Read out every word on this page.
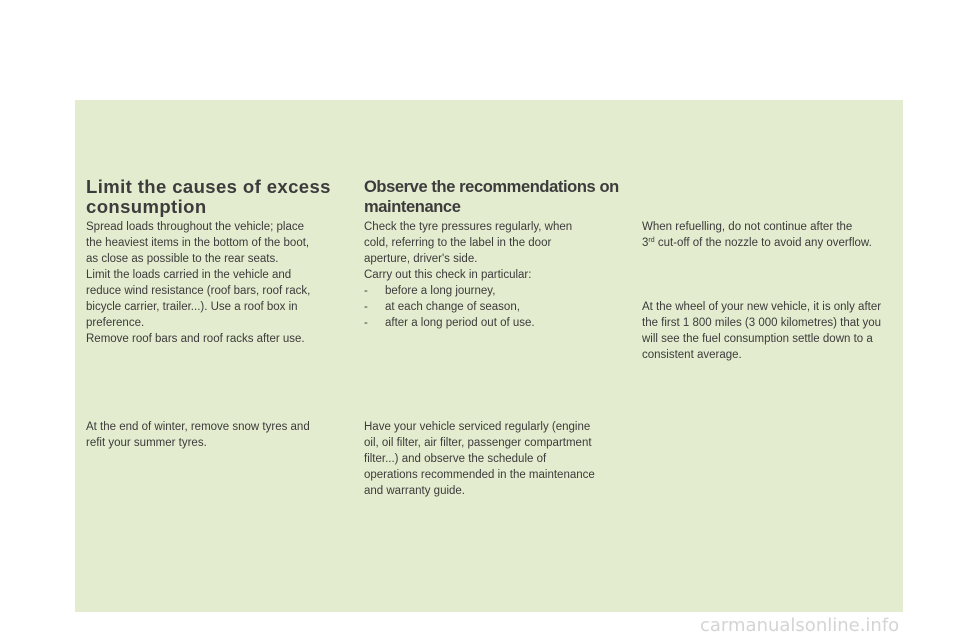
Limit the causes of excess consumption

Spread loads throughout the vehicle; place

the heaviest items in the bottom of the boot,

as close as possible to the rear seats.

Limit the loads carried in the vehicle and

reduce wind resistance (roof bars, roof rack,

bicycle carrier, trailer...). Use a roof box in

preference.

Remove roof bars and roof racks after use.

At the end of winter, remove snow tyres and

refit your summer tyres.

Observe the recommendations on maintenance

Check the tyre pressures regularly, when

cold, referring to the label in the door

aperture, driver's side.

Carry out this check in particular:

- before a long journey,
- at each change of season,
- after a long period out of use.

Have your vehicle serviced regularly (engine

oil, oil filter, air filter, passenger compartment

filter...) and observe the schedule of

operations recommended in the maintenance

and warranty guide.

When refuelling, do not continue after the

3rd cut-off of the nozzle to avoid any overflow.

At the wheel of your new vehicle, it is only after

the first 1 800 miles (3 000 kilometres) that you

will see the fuel consumption settle down to a

consistent average.

carmanualsonline.info
